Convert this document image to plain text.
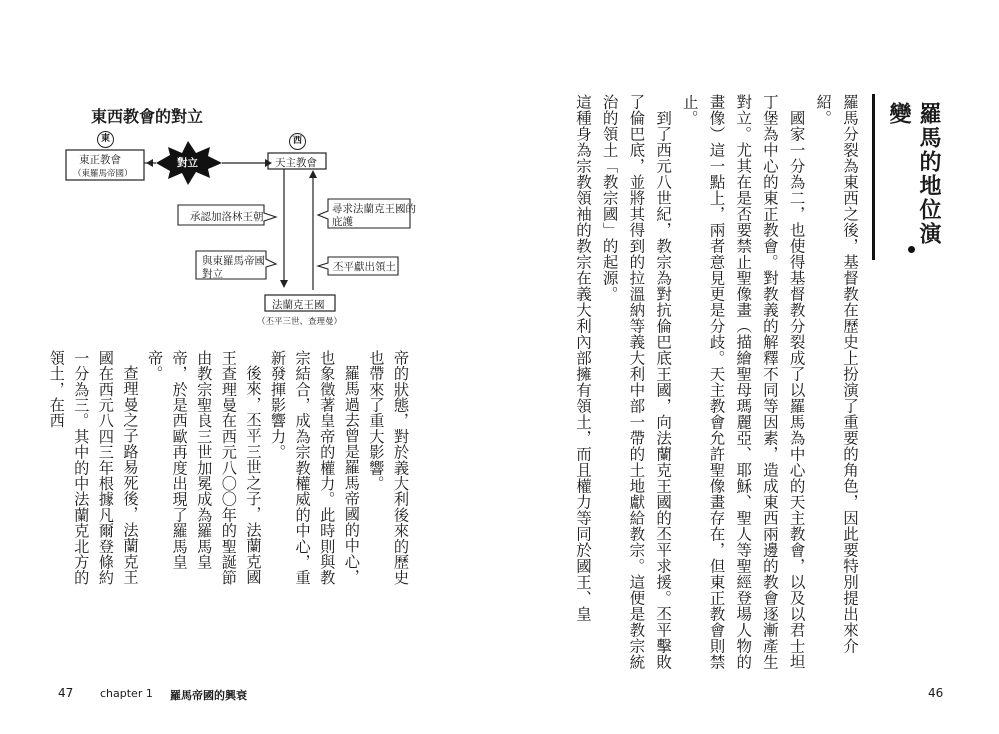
羅馬的地位演變

羅馬分裂為東西之後，基督教在歷史上扮演了重要的角色，因此要特別提出來介紹。

國家一分為二，也使得基督教分裂成了以羅馬為中心的天主教會，以及以君士坦丁堡為中心的東正教會。對教義的解釋不同等因素，造成東西兩邊的教會逐漸產生對立。尤其在是否要禁止聖像畫（描繪聖母瑪麗亞、耶穌、聖人等聖經登場人物的畫像）這一點上，兩者意見更是分歧。天主教會允許聖像畫存在，但東正教會則禁止。

到了西元八世紀，教宗為對抗倫巴底王國，向法蘭克王國的丕平求援。丕平擊敗了倫巴底，並將其得到的拉溫納等義大利中部一帶的土地獻給教宗。這便是教宗統治的領土「教宗國」的起源。

這種身為宗教領袖的教宗在義大利內部擁有領土，而且權力等同於國王、皇

東西教會的對立
東	西
東正教會
（東羅馬帝國）
對立	天主教會
承認加洛林王朝
與東羅馬帝國
對立
尋求法蘭克王國的
庇護
丕平獻出領土
法蘭克王國
（丕平三世、查理曼）

帝的狀態，對於義大利後來的歷史也帶來了重大影響。

羅馬過去曾是羅馬帝國的中心，也象徵著皇帝的權力。此時則與教宗結合，成為宗教權威的中心，重新發揮影響力。

後來，丕平三世之子，法蘭克國王查理曼在西元八〇〇年的聖誕節由教宗聖良三世加冕成為羅馬皇帝，於是西歐再度出現了羅馬皇帝。

查理曼之子路易死後，法蘭克王國在西元八四三年根據凡爾登條約一分為三。其中的中法蘭克北方的領土，在西

47 chapter 1 羅馬帝國的興衰	46
